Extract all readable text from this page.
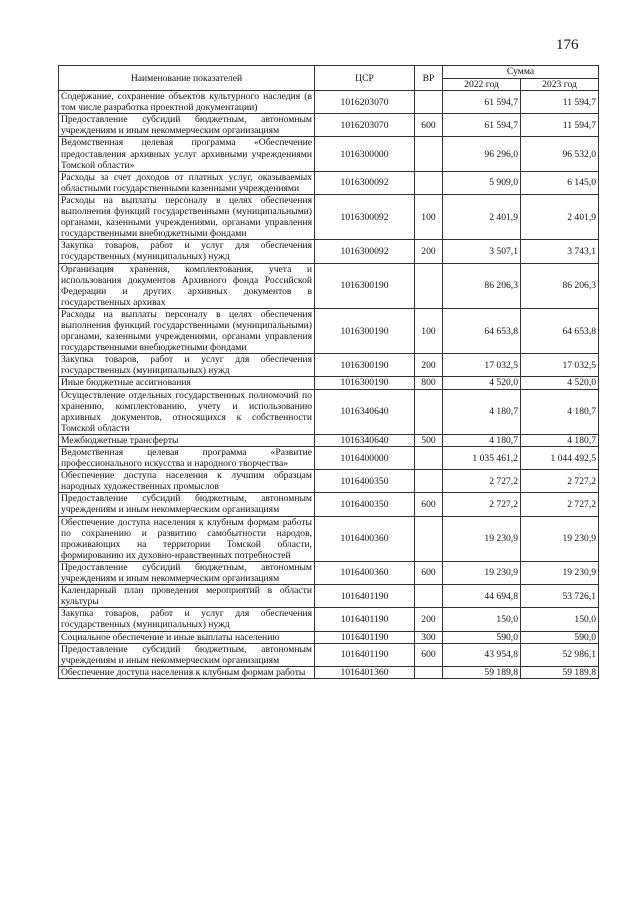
176
Наименование показателей	ЦСР	ВР	Сумма	
			2022 год	2023 год
Содержание, сохранение объектов культурного наследия (в том числе разработка проектной документации)	1016203070		61 594,7	11 594,7
Предоставление субсидий бюджетным, автономным учреждениям и иным некоммерческим организациям	1016203070	600	61 594,7	11 594,7
Ведомственная целевая программа «Обеспечение предоставления архивных услуг архивными учреждениями Томской области»	1016300000		96 296,0	96 532,0
Расходы за счет доходов от платных услуг, оказываемых областными государственными казенными учреждениями	1016300092		5 909,0	6 145,0
Расходы на выплаты персоналу в целях обеспечения выполнения функций государственными (муниципальными) органами, казенными учреждениями, органами управления государственными внебюджетными фондами	1016300092	100	2 401,9	2 401,9
Закупка товаров, работ и услуг для обеспечения государственных (муниципальных) нужд	1016300092	200	3 507,1	3 743,1
Организация хранения, комплектования, учета и использования документов Архивного фонда Российской Федерации и других архивных документов в государственных архивах	1016300190		86 206,3	86 206,3
Расходы на выплаты персоналу в целях обеспечения выполнения функций государственными (муниципальными) органами, казенными учреждениями, органами управления государственными внебюджетными фондами	1016300190	100	64 653,8	64 653,8
Закупка товаров, работ и услуг для обеспечения государственных (муниципальных) нужд	1016300190	200	17 032,5	17 032,5
Иные бюджетные ассигнования	1016300190	800	4 520,0	4 520,0
Осуществление отдельных государственных полномочий по хранению, комплектованию, учету и использованию архивных документов, относящихся к собственности Томской области	1016340640		4 180,7	4 180,7
Межбюджетные трансферты	1016340640	500	4 180,7	4 180,7
Ведомственная целевая программа «Развитие профессионального искусства и народного творчества»	1016400000		1 035 461,2	1 044 492,5
Обеспечение доступа населения к лучшим образцам народных художественных промыслов	1016400350		2 727,2	2 727,2
Предоставление субсидий бюджетным, автономным учреждениям и иным некоммерческим организациям	1016400350	600	2 727,2	2 727,2
Обеспечение доступа населения к клубным формам работы по сохранению и развитию самобытности народов, проживающих на территории Томской области, формированию их духовно-нравственных потребностей	1016400360		19 230,9	19 230,9
Предоставление субсидий бюджетным, автономным учреждениям и иным некоммерческим организациям	1016400360	600	19 230,9	19 230,9
Календарный план проведения мероприятий в области культуры	1016401190		44 694,8	53 726,1
Закупка товаров, работ и услуг для обеспечения государственных (муниципальных) нужд	1016401190	200	150,0	150,0
Социальное обеспечение и иные выплаты населению	1016401190	300	590,0	590,0
Предоставление субсидий бюджетным, автономным учреждениям и иным некоммерческим организациям	1016401190	600	43 954,8	52 986,1
Обеспечение доступа населения к клубным формам работы	1016401360		59 189,8	59 189,8
